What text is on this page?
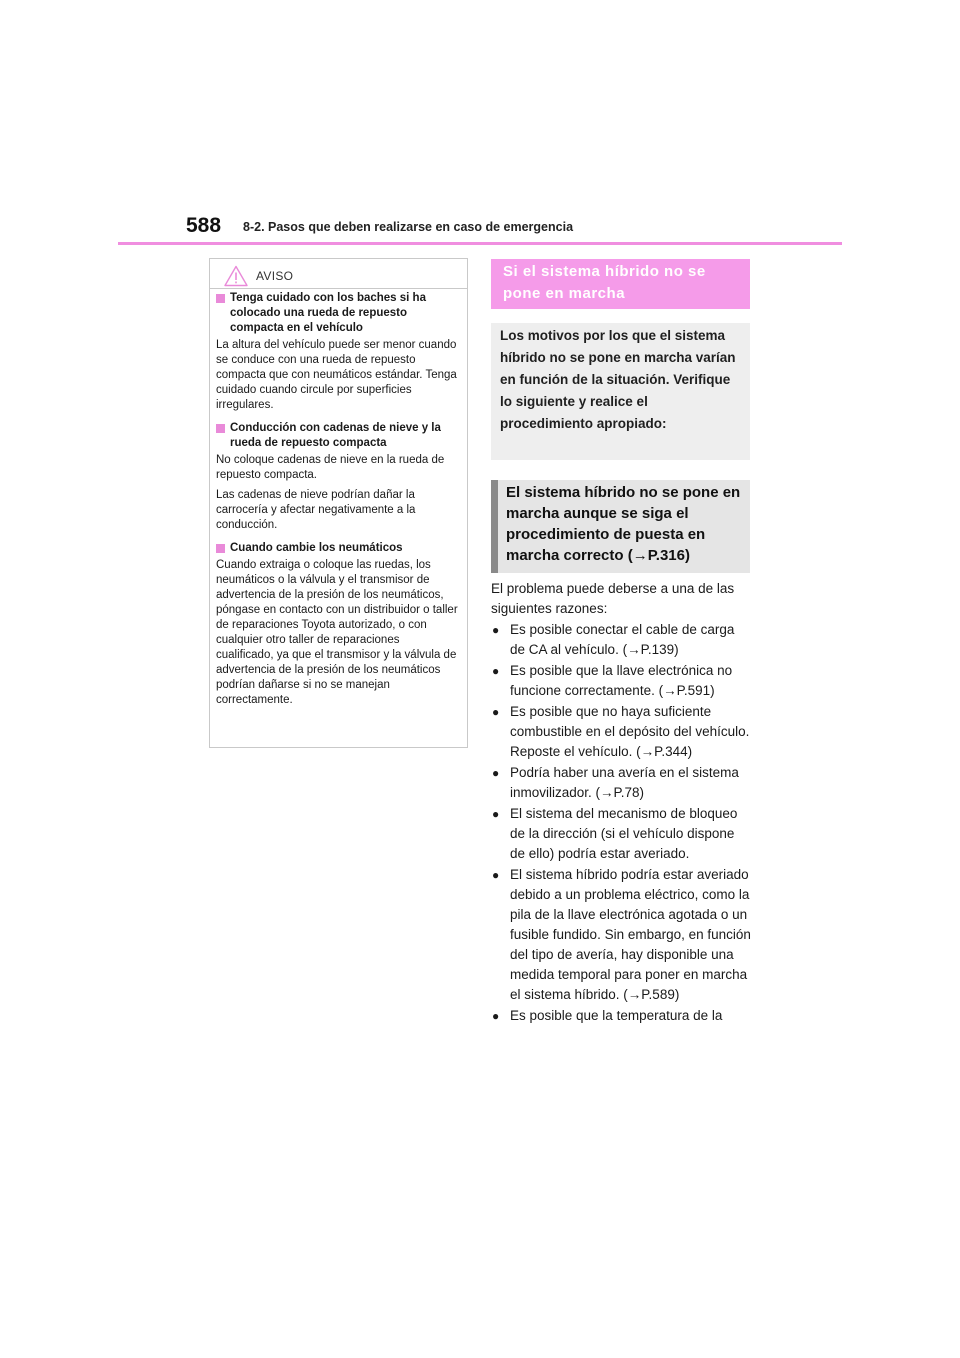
588 8-2. Pasos que deben realizarse en caso de emergencia
AVISO
Tenga cuidado con los baches si ha colocado una rueda de repuesto compacta en el vehículo
La altura del vehículo puede ser menor cuando se conduce con una rueda de repuesto compacta que con neumáticos estándar. Tenga cuidado cuando circule por superficies irregulares.
Conducción con cadenas de nieve y la rueda de repuesto compacta
No coloque cadenas de nieve en la rueda de repuesto compacta.
Las cadenas de nieve podrían dañar la carrocería y afectar negativamente a la conducción.
Cuando cambie los neumáticos
Cuando extraiga o coloque las ruedas, los neumáticos o la válvula y el transmisor de advertencia de la presión de los neumáticos, póngase en contacto con un distribuidor o taller de reparaciones Toyota autorizado, o con cualquier otro taller de reparaciones cualificado, ya que el transmisor y la válvula de advertencia de la presión de los neumáticos podrían dañarse si no se manejan correctamente.
Si el sistema híbrido no se pone en marcha
Los motivos por los que el sistema híbrido no se pone en marcha varían en función de la situación. Verifique lo siguiente y realice el procedimiento apropiado:
El sistema híbrido no se pone en marcha aunque se siga el procedimiento de puesta en marcha correcto (→P.316)
El problema puede deberse a una de las siguientes razones:
● Es posible conectar el cable de carga de CA al vehículo. (→P.139)
● Es posible que la llave electrónica no funcione correctamente. (→P.591)
● Es posible que no haya suficiente combustible en el depósito del vehículo.
Reposte el vehículo. (→P.344)
● Podría haber una avería en el sistema inmovilizador. (→P.78)
● El sistema del mecanismo de bloqueo de la dirección (si el vehículo dispone de ello) podría estar averiado.
● El sistema híbrido podría estar averiado debido a un problema eléctrico, como la pila de la llave electrónica agotada o un fusible fundido. Sin embargo, en función del tipo de avería, hay disponible una medida temporal para poner en marcha el sistema híbrido. (→P.589)
● Es posible que la temperatura de la
